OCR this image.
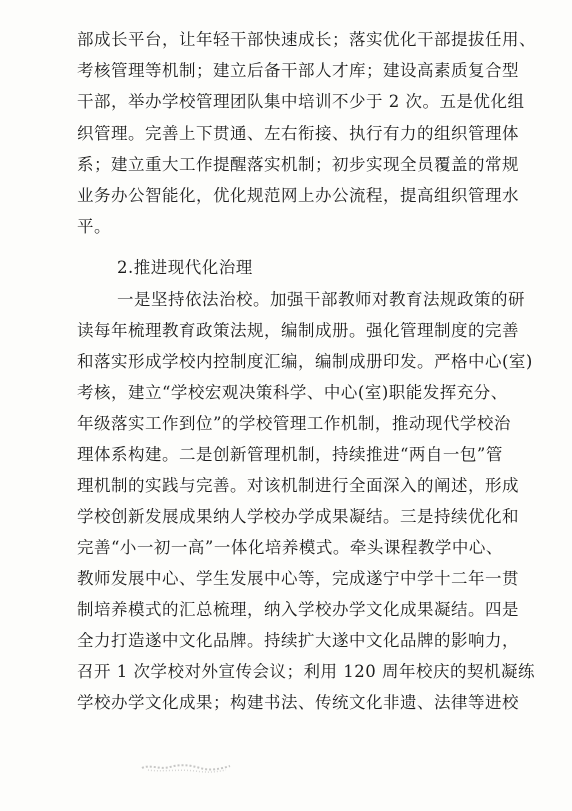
部成长平台，让年轻干部快速成长；落实优化干部提拔任用、
考核管理等机制；建立后备干部人才库；建设高素质复合型
干部，举办学校管理团队集中培训不少于 2 次。五是优化组
织管理。完善上下贯通、左右衔接、执行有力的组织管理体
系；建立重大工作提醒落实机制；初步实现全员覆盖的常规
业务办公智能化，优化规范网上办公流程，提高组织管理水
平。
2.推进现代化治理
一是坚持依法治校。加强干部教师对教育法规政策的研
读每年梳理教育政策法规，编制成册。强化管理制度的完善
和落实形成学校内控制度汇编，编制成册印发。严格中心(室)
考核，建立“学校宏观决策科学、中心(室)职能发挥充分、
年级落实工作到位”的学校管理工作机制，推动现代学校治
理体系构建。二是创新管理机制，持续推进“两自一包”管
理机制的实践与完善。对该机制进行全面深入的阐述，形成
学校创新发展成果纳人学校办学成果凝结。三是持续优化和
完善“小一初一高”一体化培养模式。牵头课程教学中心、
教师发展中心、学生发展中心等，完成遂宁中学十二年一贯
制培养模式的汇总梳理，纳入学校办学文化成果凝结。四是
全力打造遂中文化品牌。持续扩大遂中文化品牌的影响力，
召开 1 次学校对外宣传会议；利用 120 周年校庆的契机凝练
学校办学文化成果；构建书法、传统文化非遗、法律等进校
